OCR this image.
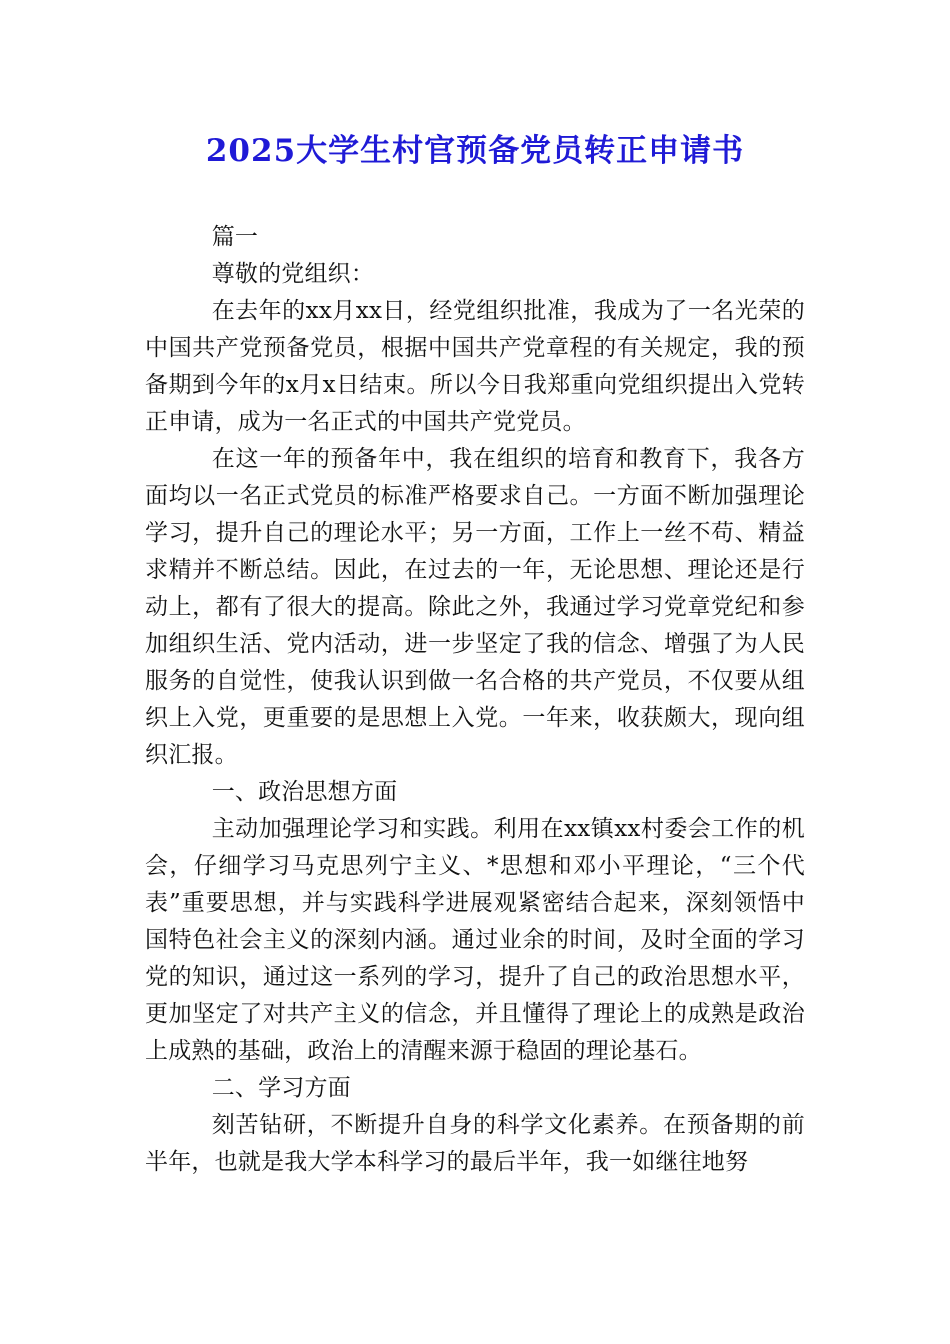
2025大学生村官预备党员转正申请书

篇一

尊敬的党组织：

在去年的xx月xx日，经党组织批准，我成为了一名光荣的中国共产党预备党员，根据中国共产党章程的有关规定，我的预备期到今年的x月x日结束。所以今日我郑重向党组织提出入党转正申请，成为一名正式的中国共产党党员。

在这一年的预备年中，我在组织的培育和教育下，我各方面均以一名正式党员的标准严格要求自己。一方面不断加强理论学习，提升自己的理论水平；另一方面，工作上一丝不苟、精益求精并不断总结。因此，在过去的一年，无论思想、理论还是行动上，都有了很大的提高。除此之外，我通过学习党章党纪和参加组织生活、党内活动，进一步坚定了我的信念、增强了为人民服务的自觉性，使我认识到做一名合格的共产党员，不仅要从组织上入党，更重要的是思想上入党。一年来，收获颇大，现向组织汇报。

一、政治思想方面

主动加强理论学习和实践。利用在xx镇xx村委会工作的机会，仔细学习马克思列宁主义、*思想和邓小平理论，“三个代表”重要思想，并与实践科学进展观紧密结合起来，深刻领悟中国特色社会主义的深刻内涵。通过业余的时间，及时全面的学习党的知识，通过这一系列的学习，提升了自己的政治思想水平，更加坚定了对共产主义的信念，并且懂得了理论上的成熟是政治上成熟的基础，政治上的清醒来源于稳固的理论基石。

二、学习方面

刻苦钻研，不断提升自身的科学文化素养。在预备期的前半年，也就是我大学本科学习的最后半年，我一如继往地努
